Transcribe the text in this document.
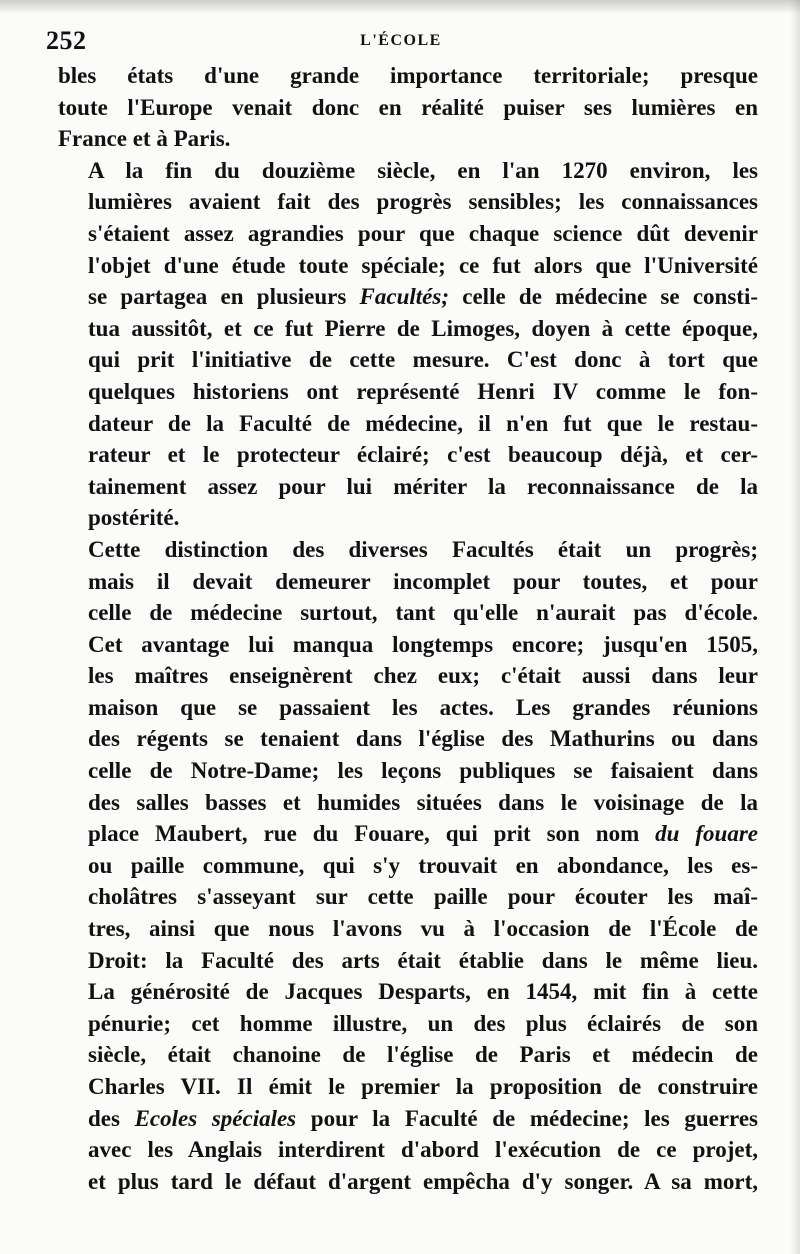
252	L'ÉCOLE

bles états d'une grande importance territoriale; presque
toute l'Europe venait donc en réalité puiser ses lumières en
France et à Paris.

A la fin du douzième siècle, en l'an 1270 environ, les
lumières avaient fait des progrès sensibles; les connaissances
s'étaient assez agrandies pour que chaque science dût devenir
l'objet d'une étude toute spéciale; ce fut alors que l'Université
se partagea en plusieurs Facultés; celle de médecine se consti-
tua aussitôt, et ce fut Pierre de Limoges, doyen à cette époque,
qui prit l'initiative de cette mesure. C'est donc à tort que
quelques historiens ont représenté Henri IV comme le fon-
dateur de la Faculté de médecine, il n'en fut que le restau-
rateur et le protecteur éclairé; c'est beaucoup déjà, et cer-
tainement assez pour lui mériter la reconnaissance de la
postérité.

Cette distinction des diverses Facultés était un progrès;
mais il devait demeurer incomplet pour toutes, et pour
celle de médecine surtout, tant qu'elle n'aurait pas d'école.
Cet avantage lui manqua longtemps encore; jusqu'en 1505,
les maîtres enseignèrent chez eux; c'était aussi dans leur
maison que se passaient les actes. Les grandes réunions
des régents se tenaient dans l'église des Mathurins ou dans
celle de Notre-Dame; les leçons publiques se faisaient dans
des salles basses et humides situées dans le voisinage de la
place Maubert, rue du Fouare, qui prit son nom du fouare
ou paille commune, qui s'y trouvait en abondance, les es-
cholâtres s'asseyant sur cette paille pour écouter les maî-
tres, ainsi que nous l'avons vu à l'occasion de l'École de
Droit: la Faculté des arts était établie dans le même lieu.
La générosité de Jacques Desparts, en 1454, mit fin à cette
pénurie; cet homme illustre, un des plus éclairés de son
siècle, était chanoine de l'église de Paris et médecin de
Charles VII. Il émit le premier la proposition de construire
des Ecoles spéciales pour la Faculté de médecine; les guerres
avec les Anglais interdirent d'abord l'exécution de ce projet,
et plus tard le défaut d'argent empêcha d'y songer. A sa mort,
